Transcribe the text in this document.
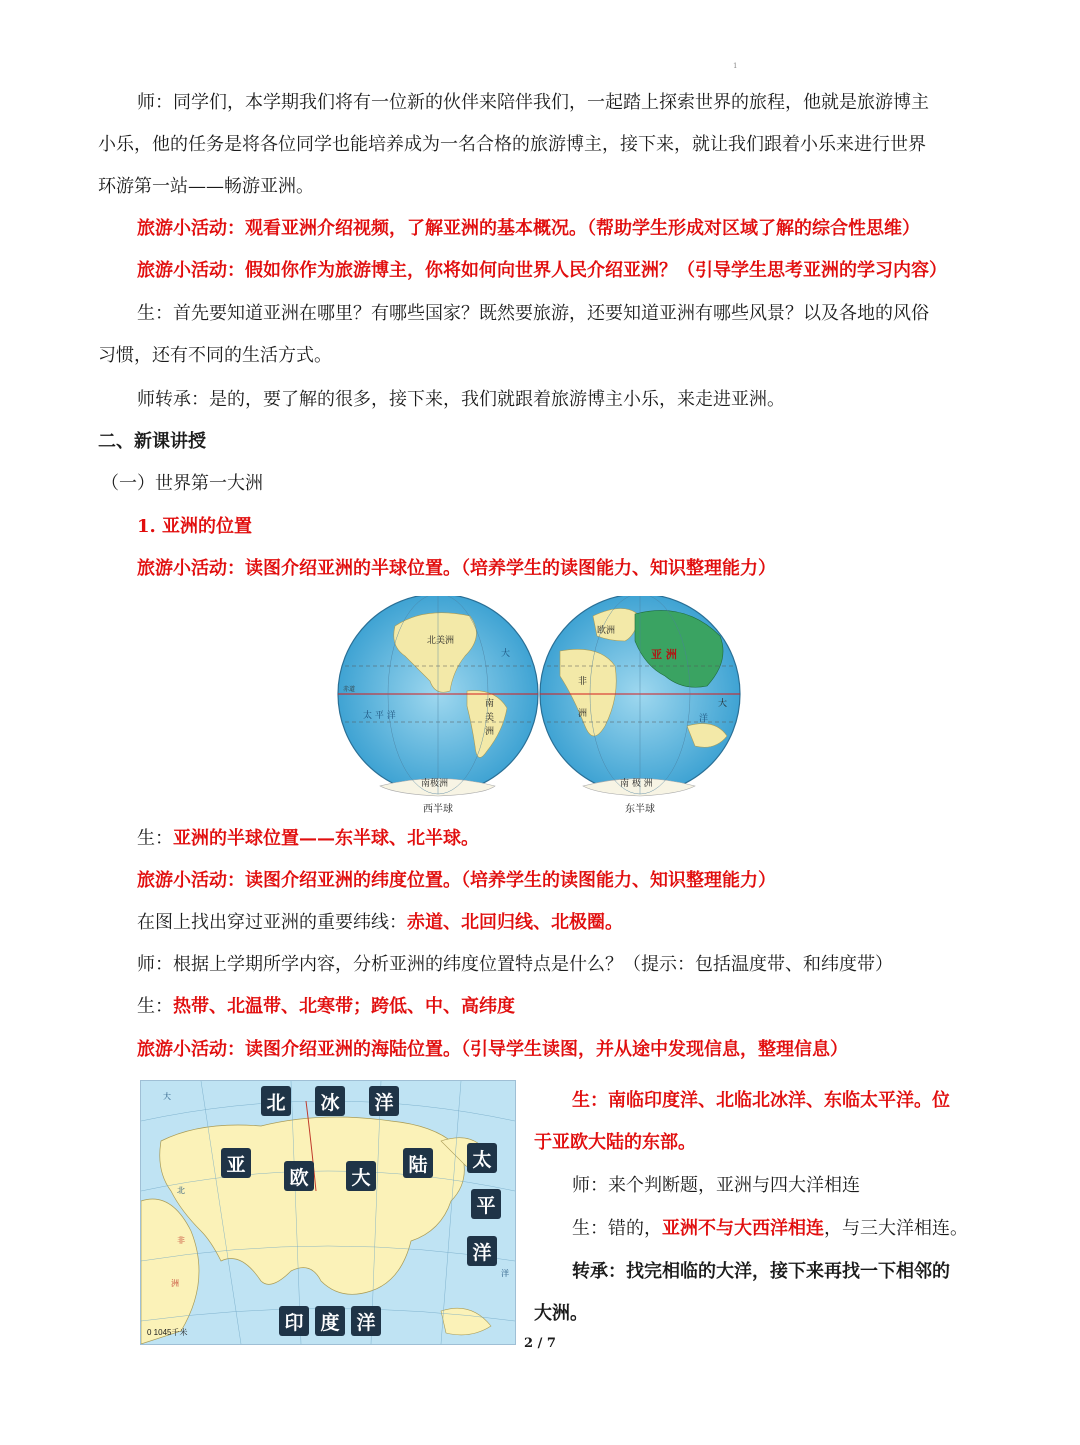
1
师：同学们，本学期我们将有一位新的伙伴来陪伴我们，一起踏上探索世界的旅程，他就是旅游博主
小乐，他的任务是将各位同学也能培养成为一名合格的旅游博主，接下来，就让我们跟着小乐来进行世界
环游第一站——畅游亚洲。
旅游小活动：观看亚洲介绍视频，了解亚洲的基本概况。（帮助学生形成对区域了解的综合性思维）
旅游小活动：假如你作为旅游博主，你将如何向世界人民介绍亚洲？（引导学生思考亚洲的学习内容）
生：首先要知道亚洲在哪里？有哪些国家？既然要旅游，还要知道亚洲有哪些风景？以及各地的风俗
习惯，还有不同的生活方式。
师转承：是的，要了解的很多，接下来，我们就跟着旅游博主小乐，来走进亚洲。
二、新课讲授
（一）世界第一大洲
1. 亚洲的位置
旅游小活动：读图介绍亚洲的半球位置。（培养学生的读图能力、知识整理能力）
北美洲
南
美
洲
太 平 洋
大
南极洲
赤道
欧洲
亚 洲
非
洲
大
南 极 洲
洋
西半球	东半球
生：亚洲的半球位置——东半球、北半球。
旅游小活动：读图介绍亚洲的纬度位置。（培养学生的读图能力、知识整理能力）
在图上找出穿过亚洲的重要纬线：赤道、北回归线、北极圈。
师：根据上学期所学内容，分析亚洲的纬度位置特点是什么？（提示：包括温度带、和纬度带）
生：热带、北温带、北寒带；跨低、中、高纬度
旅游小活动：读图介绍亚洲的海陆位置。（引导学生读图，并从途中发现信息，整理信息）
大
北
非
洲
洋
北 冰 洋
亚
欧 大
陆 太
平
洋
印 度 洋
0 1045千米
生：南临印度洋、北临北冰洋、东临太平洋。位
于亚欧大陆的东部。
师：来个判断题，亚洲与四大洋相连
生：错的，亚洲不与大西洋相连，与三大洋相连。
转承：找完相临的大洋，接下来再找一下相邻的
大洲。
2 / 7
